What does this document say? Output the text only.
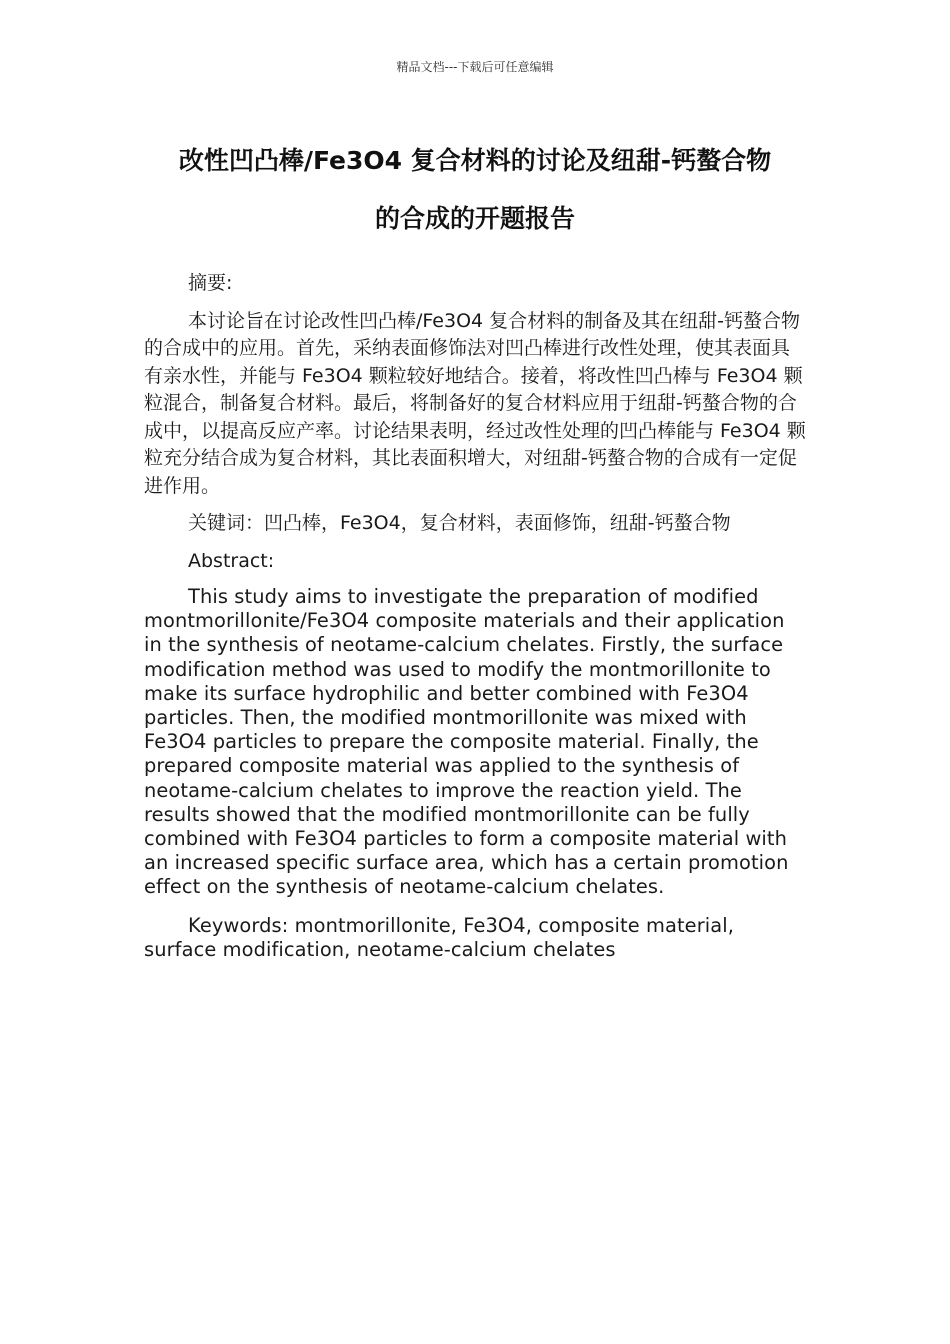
精品文档---下载后可任意编辑
改性凹凸棒/Fe3O4 复合材料的讨论及纽甜-钙螯合物
的合成的开题报告

摘要:

本讨论旨在讨论改性凹凸棒/Fe3O4 复合材料的制备及其在纽甜-钙螯合物的合成中的应用。首先，采纳表面修饰法对凹凸棒进行改性处理，使其表面具有亲水性，并能与 Fe3O4 颗粒较好地结合。接着，将改性凹凸棒与 Fe3O4 颗粒混合，制备复合材料。最后，将制备好的复合材料应用于纽甜-钙螯合物的合成中，以提高反应产率。讨论结果表明，经过改性处理的凹凸棒能与 Fe3O4 颗粒充分结合成为复合材料，其比表面积增大，对纽甜-钙螯合物的合成有一定促进作用。

关键词：凹凸棒，Fe3O4，复合材料，表面修饰，纽甜-钙螯合物

Abstract:

This study aims to investigate the preparation of modified montmorillonite/Fe3O4 composite materials and their application in the synthesis of neotame-calcium chelates. Firstly, the surface modification method was used to modify the montmorillonite to make its surface hydrophilic and better combined with Fe3O4 particles. Then, the modified montmorillonite was mixed with Fe3O4 particles to prepare the composite material. Finally, the prepared composite material was applied to the synthesis of neotame-calcium chelates to improve the reaction yield. The results showed that the modified montmorillonite can be fully combined with Fe3O4 particles to form a composite material with an increased specific surface area, which has a certain promotion effect on the synthesis of neotame-calcium chelates.

Keywords: montmorillonite, Fe3O4, composite material, surface modification, neotame-calcium chelates
